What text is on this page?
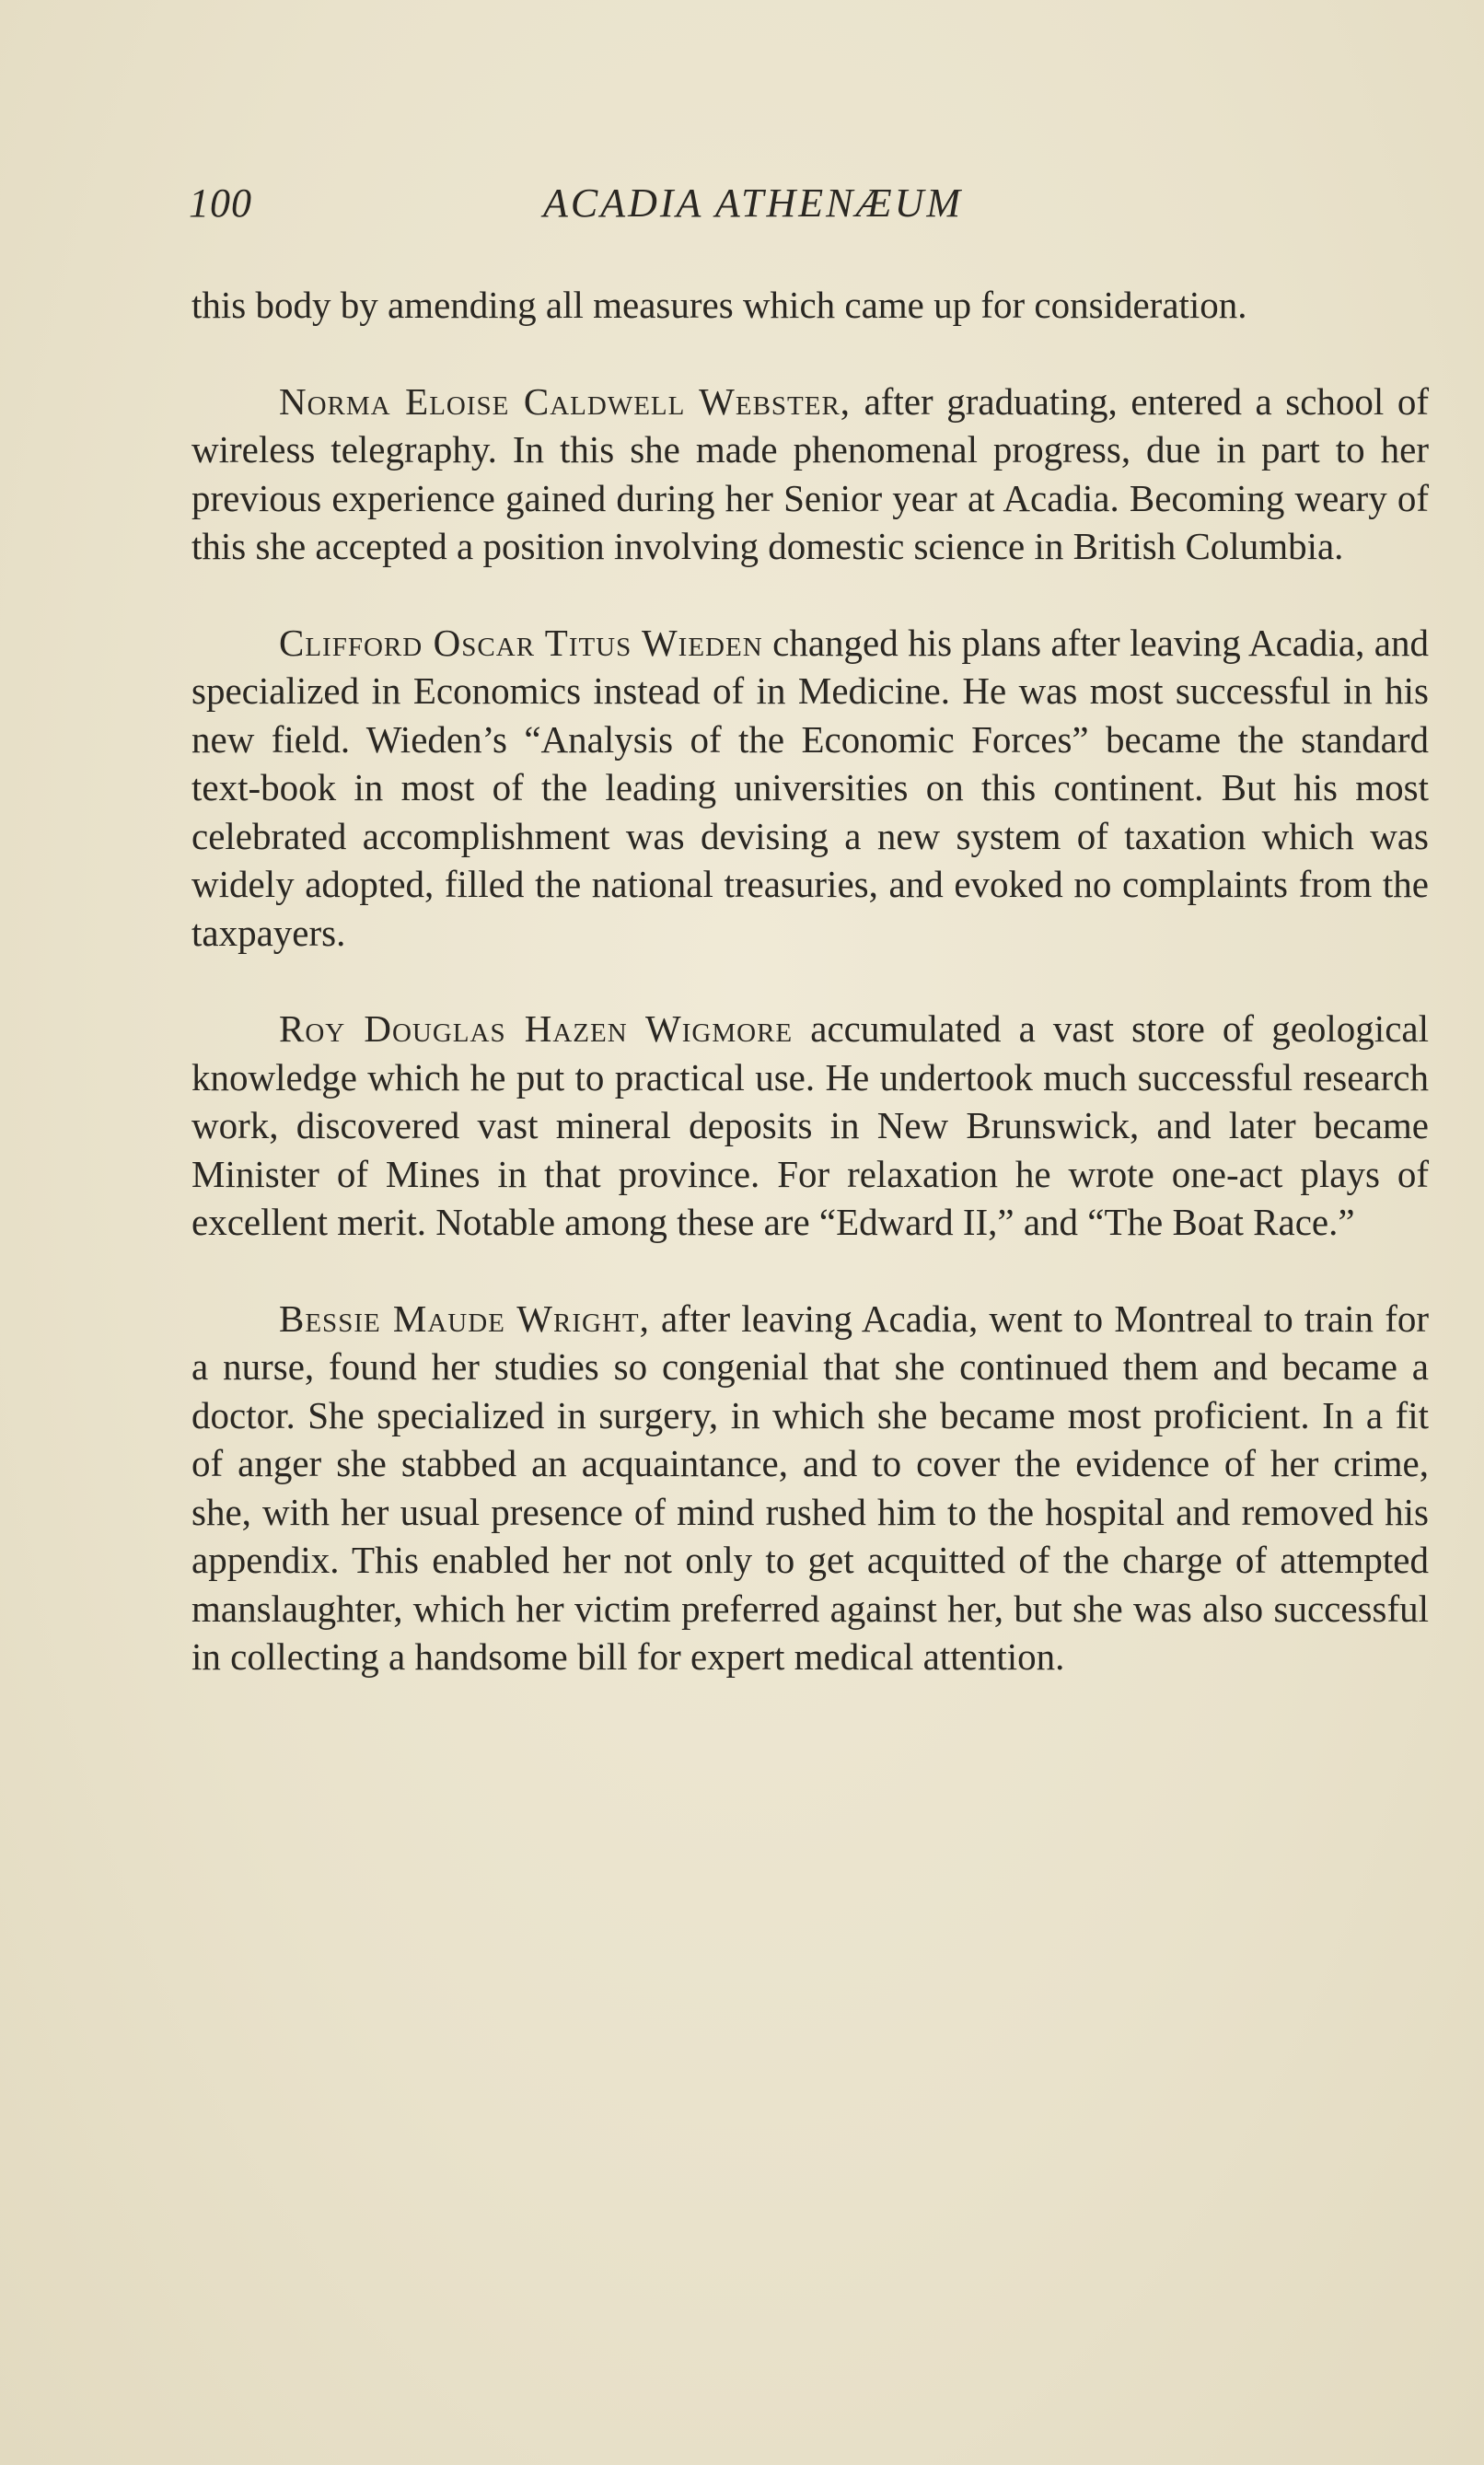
100	ACADIA ATHENÆUM

this body by amending all measures which came up for consideration.

Norma Eloise Caldwell Webster, after graduating, entered a school of wireless telegraphy. In this she made phenomenal progress, due in part to her previous experience gained during her Senior year at Acadia. Becoming weary of this she accepted a position involving domestic science in British Columbia.

Clifford Oscar Titus Wieden changed his plans after leaving Acadia, and specialized in Economics instead of in Medicine. He was most successful in his new field. Wieden’s “Analysis of the Economic Forces” became the standard text-book in most of the leading universities on this continent. But his most celebrated accomplishment was devising a new system of taxation which was widely adopted, filled the national treasuries, and evoked no complaints from the taxpayers.

Roy Douglas Hazen Wigmore accumulated a vast store of geological knowledge which he put to practical use. He undertook much successful research work, discovered vast mineral deposits in New Brunswick, and later became Minister of Mines in that province. For relaxation he wrote one-act plays of excellent merit. Notable among these are “Edward II,” and “The Boat Race.”

Bessie Maude Wright, after leaving Acadia, went to Montreal to train for a nurse, found her studies so congenial that she continued them and became a doctor. She specialized in surgery, in which she became most proficient. In a fit of anger she stabbed an acquaintance, and to cover the evidence of her crime, she, with her usual presence of mind rushed him to the hospital and removed his appendix. This enabled her not only to get acquitted of the charge of attempted manslaughter, which her victim preferred against her, but she was also successful in collecting a handsome bill for expert medical attention.
